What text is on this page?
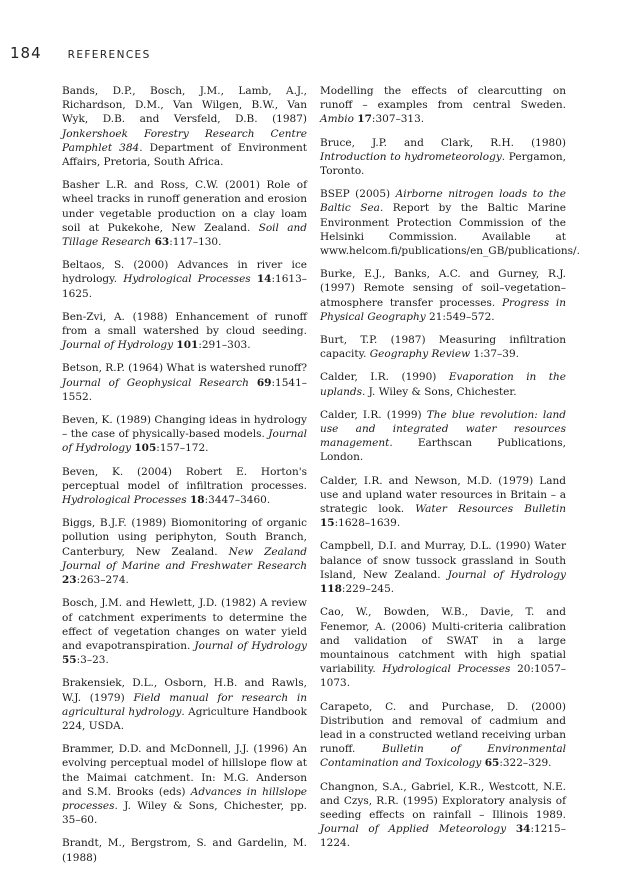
184 REFERENCES

Bands, D.P., Bosch, J.M., Lamb, A.J., Richardson, D.M., Van Wilgen, B.W., Van Wyk, D.B. and Versfeld, D.B. (1987) Jonkershoek Forestry Research Centre Pamphlet 384. Department of Environment Affairs, Pretoria, South Africa.

Basher L.R. and Ross, C.W. (2001) Role of wheel tracks in runoff generation and erosion under vegetable production on a clay loam soil at Pukekohe, New Zealand. Soil and Tillage Research 63:117–130.

Beltaos, S. (2000) Advances in river ice hydrology. Hydrological Processes 14:1613–1625.

Ben-Zvi, A. (1988) Enhancement of runoff from a small watershed by cloud seeding. Journal of Hydrology 101:291–303.

Betson, R.P. (1964) What is watershed runoff? Journal of Geophysical Research 69:1541–1552.

Beven, K. (1989) Changing ideas in hydrology – the case of physically-based models. Journal of Hydrology 105:157–172.

Beven, K. (2004) Robert E. Horton's perceptual model of infiltration processes. Hydrological Processes 18:3447–3460.

Biggs, B.J.F. (1989) Biomonitoring of organic pollution using periphyton, South Branch, Canterbury, New Zealand. New Zealand Journal of Marine and Freshwater Research 23:263–274.

Bosch, J.M. and Hewlett, J.D. (1982) A review of catchment experiments to determine the effect of vegetation changes on water yield and evapotranspiration. Journal of Hydrology 55:3–23.

Brakensiek, D.L., Osborn, H.B. and Rawls, W.J. (1979) Field manual for research in agricultural hydrology. Agriculture Handbook 224, USDA.

Brammer, D.D. and McDonnell, J.J. (1996) An evolving perceptual model of hillslope flow at the Maimai catchment. In: M.G. Anderson and S.M. Brooks (eds) Advances in hillslope processes. J. Wiley & Sons, Chichester, pp. 35–60.

Brandt, M., Bergstrom, S. and Gardelin, M. (1988)

Modelling the effects of clearcutting on runoff – examples from central Sweden. Ambio 17:307–313.

Bruce, J.P. and Clark, R.H. (1980) Introduction to hydrometeorology. Pergamon, Toronto.

BSEP (2005) Airborne nitrogen loads to the Baltic Sea. Report by the Baltic Marine Environment Protection Commission of the Helsinki Commission. Available at www.helcom.fi/publications/en_GB/publications/.

Burke, E.J., Banks, A.C. and Gurney, R.J. (1997) Remote sensing of soil–vegetation–atmosphere transfer processes. Progress in Physical Geography 21:549–572.

Burt, T.P. (1987) Measuring infiltration capacity. Geography Review 1:37–39.

Calder, I.R. (1990) Evaporation in the uplands. J. Wiley & Sons, Chichester.

Calder, I.R. (1999) The blue revolution: land use and integrated water resources management. Earthscan Publications, London.

Calder, I.R. and Newson, M.D. (1979) Land use and upland water resources in Britain – a strategic look. Water Resources Bulletin 15:1628–1639.

Campbell, D.I. and Murray, D.L. (1990) Water balance of snow tussock grassland in South Island, New Zealand. Journal of Hydrology 118:229–245.

Cao, W., Bowden, W.B., Davie, T. and Fenemor, A. (2006) Multi-criteria calibration and validation of SWAT in a large mountainous catchment with high spatial variability. Hydrological Processes 20:1057–1073.

Carapeto, C. and Purchase, D. (2000) Distribution and removal of cadmium and lead in a constructed wetland receiving urban runoff. Bulletin of Environmental Contamination and Toxicology 65:322–329.

Changnon, S.A., Gabriel, K.R., Westcott, N.E. and Czys, R.R. (1995) Exploratory analysis of seeding effects on rainfall – Illinois 1989. Journal of Applied Meteorology 34:1215–1224.
